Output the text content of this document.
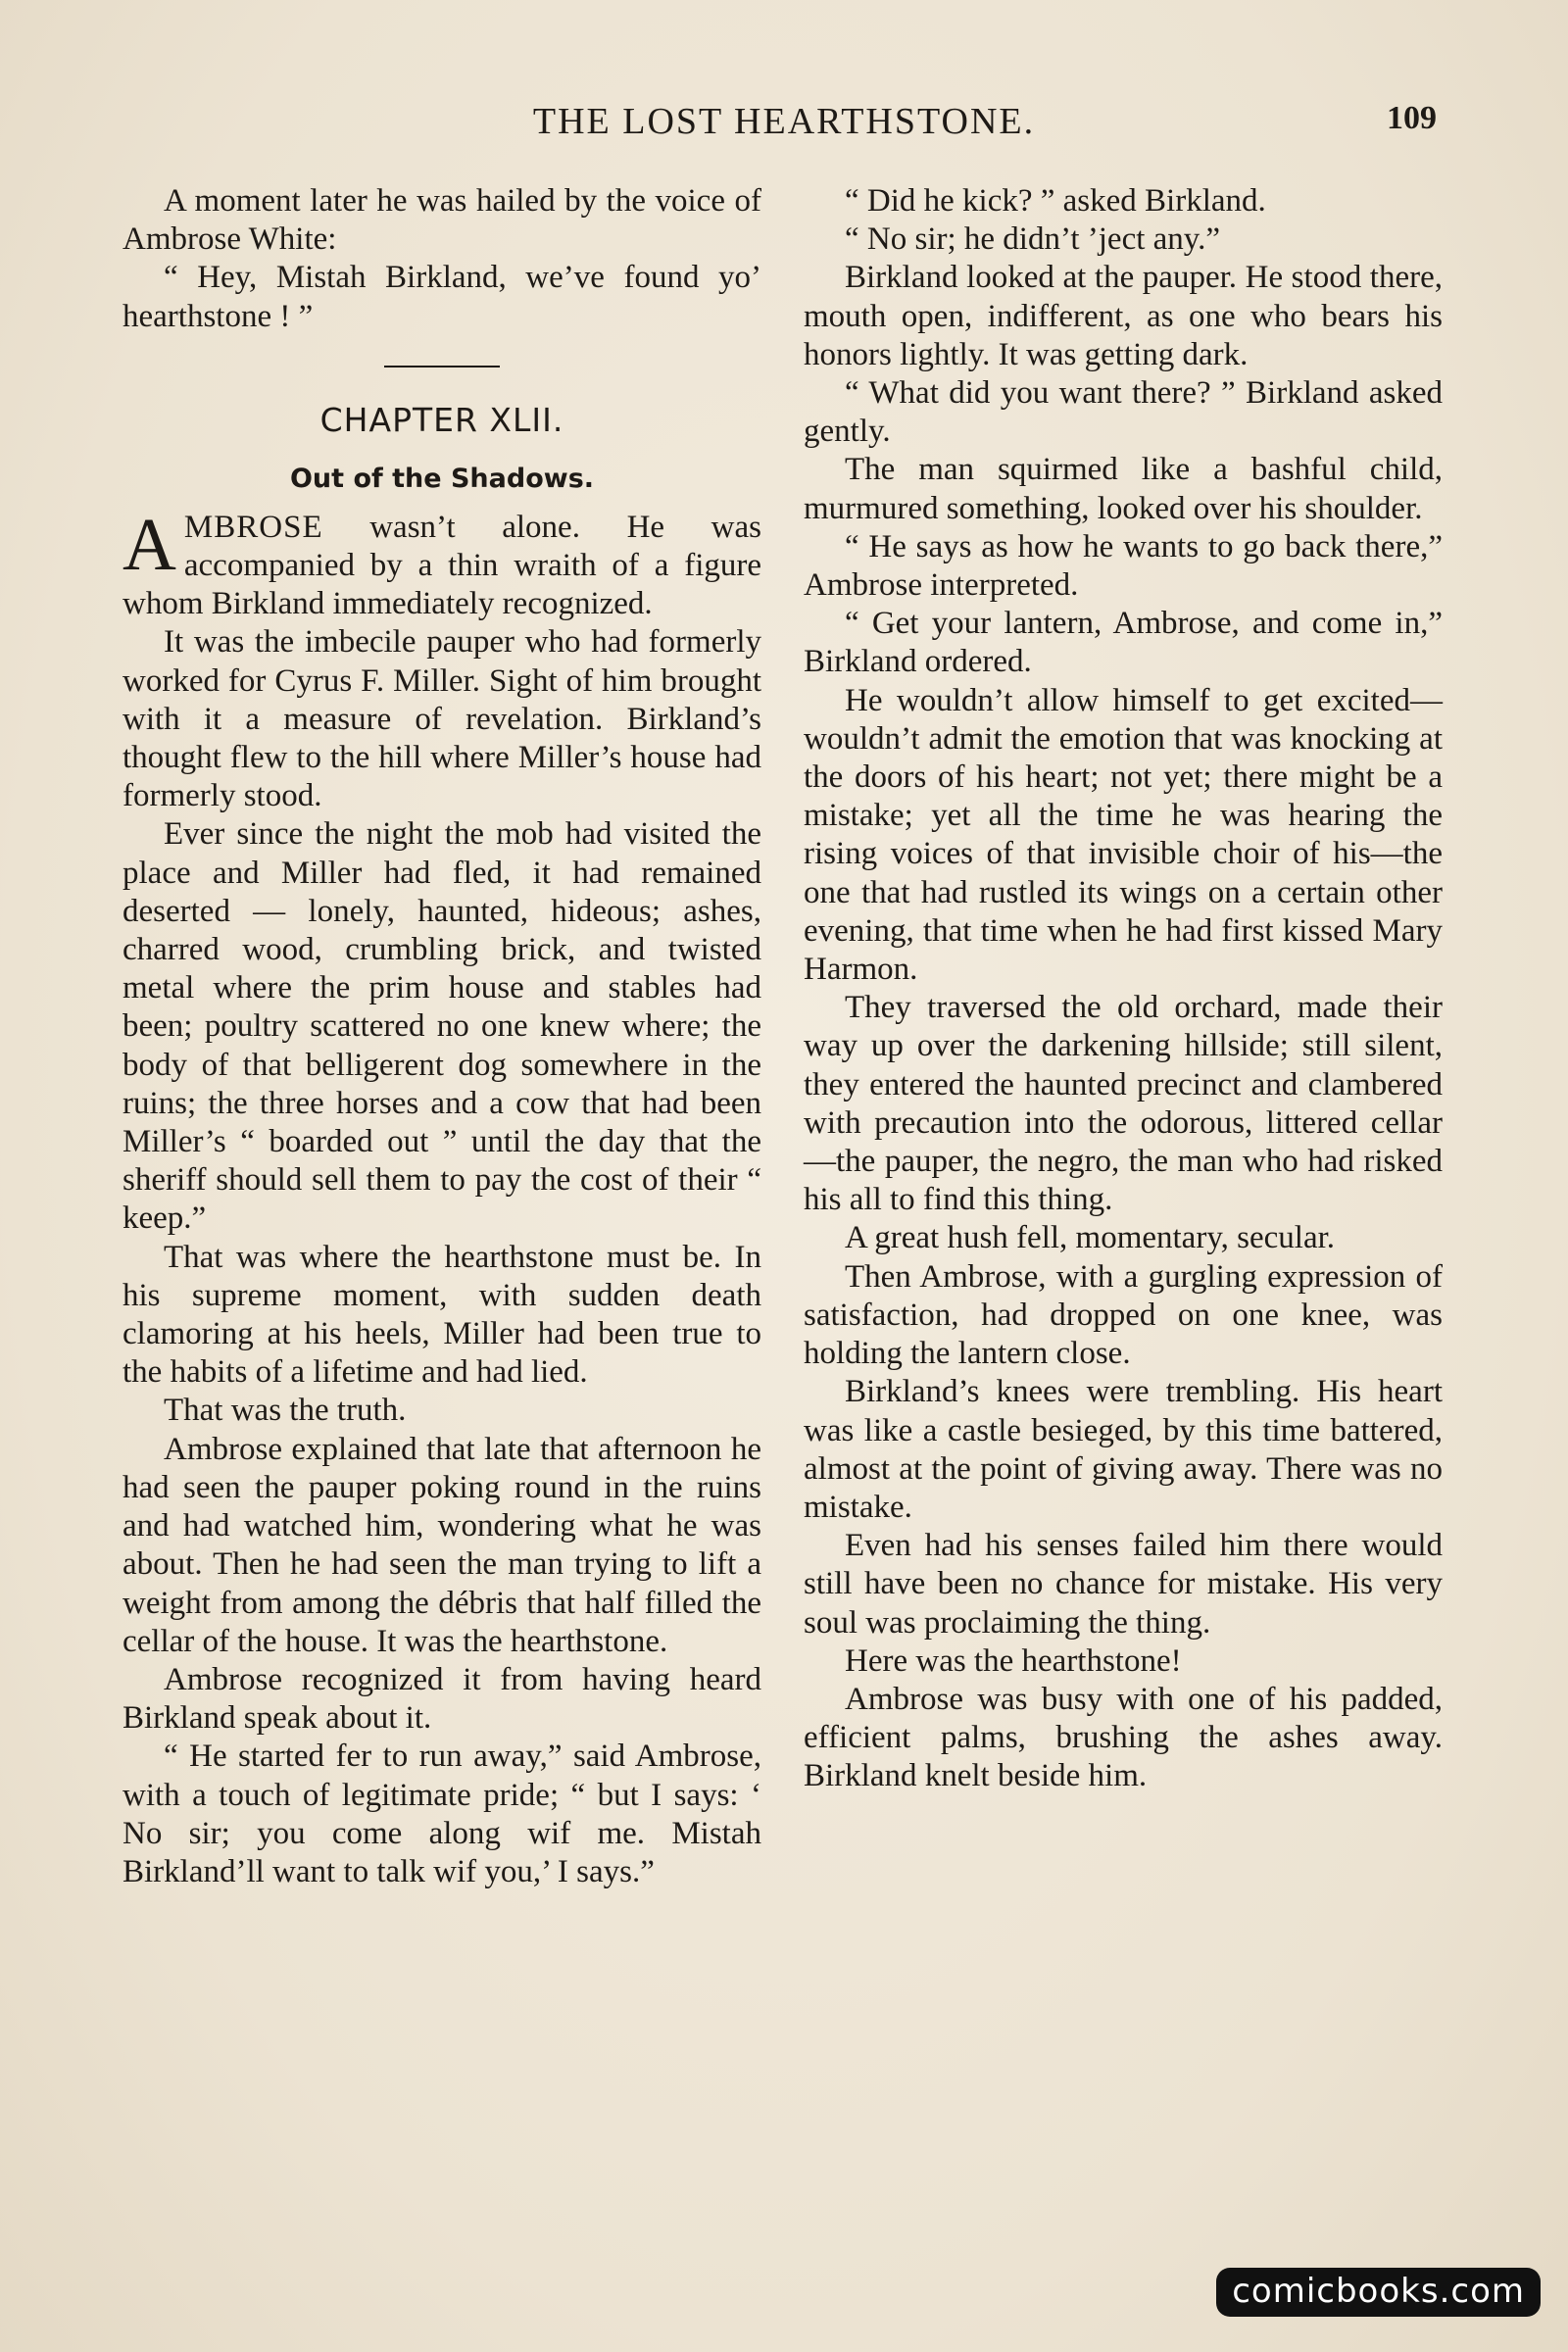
THE LOST HEARTHSTONE.	109

A moment later he was hailed by the voice of Ambrose White:

“ Hey, Mistah Birkland, we’ve found yo’ hearthstone ! ”

CHAPTER XLII.
Out of the Shadows.

AMBROSE wasn’t alone. He was accompanied by a thin wraith of a figure whom Birkland immediately recognized.

It was the imbecile pauper who had formerly worked for Cyrus F. Miller. Sight of him brought with it a measure of revelation. Birkland’s thought flew to the hill where Miller’s house had formerly stood.

Ever since the night the mob had visited the place and Miller had fled, it had remained deserted — lonely, haunted, hideous; ashes, charred wood, crumbling brick, and twisted metal where the prim house and stables had been; poultry scattered no one knew where; the body of that belligerent dog somewhere in the ruins; the three horses and a cow that had been Miller’s “ boarded out ” until the day that the sheriff should sell them to pay the cost of their “ keep.”

That was where the hearthstone must be. In his supreme moment, with sudden death clamoring at his heels, Miller had been true to the habits of a lifetime and had lied.

That was the truth.

Ambrose explained that late that afternoon he had seen the pauper poking round in the ruins and had watched him, wondering what he was about. Then he had seen the man trying to lift a weight from among the débris that half filled the cellar of the house. It was the hearthstone.

Ambrose recognized it from having heard Birkland speak about it.

“ He started fer to run away,” said Ambrose, with a touch of legitimate pride; “ but I says: ‘ No sir; you come along wif me. Mistah Birkland’ll want to talk wif you,’ I says.”

“ Did he kick? ” asked Birkland.

“ No sir; he didn’t ’ject any.”

Birkland looked at the pauper. He stood there, mouth open, indifferent, as one who bears his honors lightly. It was getting dark.

“ What did you want there? ” Birkland asked gently.

The man squirmed like a bashful child, murmured something, looked over his shoulder.

“ He says as how he wants to go back there,” Ambrose interpreted.

“ Get your lantern, Ambrose, and come in,” Birkland ordered.

He wouldn’t allow himself to get excited—wouldn’t admit the emotion that was knocking at the doors of his heart; not yet; there might be a mistake; yet all the time he was hearing the rising voices of that invisible choir of his—the one that had rustled its wings on a certain other evening, that time when he had first kissed Mary Harmon.

They traversed the old orchard, made their way up over the darkening hillside; still silent, they entered the haunted precinct and clambered with precaution into the odorous, littered cellar—the pauper, the negro, the man who had risked his all to find this thing.

A great hush fell, momentary, secular.

Then Ambrose, with a gurgling expression of satisfaction, had dropped on one knee, was holding the lantern close.

Birkland’s knees were trembling. His heart was like a castle besieged, by this time battered, almost at the point of giving away. There was no mistake.

Even had his senses failed him there would still have been no chance for mistake. His very soul was proclaiming the thing.

Here was the hearthstone!

Ambrose was busy with one of his padded, efficient palms, brushing the ashes away. Birkland knelt beside him.

comicbooks.com
